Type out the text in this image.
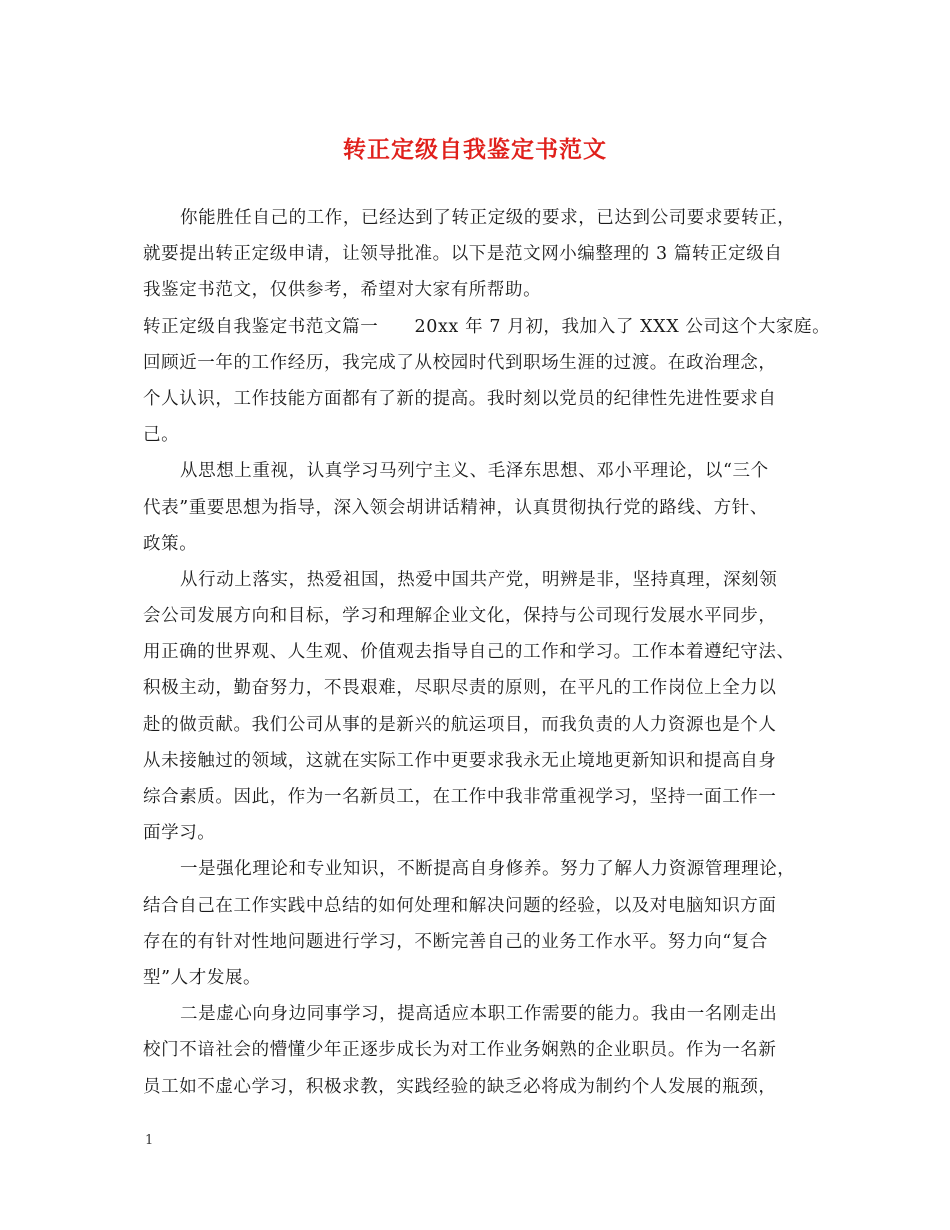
转正定级自我鉴定书范文
你能胜任自己的工作，已经达到了转正定级的要求，已达到公司要求要转正，
就要提出转正定级申请，让领导批准。以下是范文网小编整理的 3 篇转正定级自
我鉴定书范文，仅供参考，希望对大家有所帮助。
转正定级自我鉴定书范文篇一　　20xx 年 7 月初，我加入了 XXX 公司这个大家庭。
回顾近一年的工作经历，我完成了从校园时代到职场生涯的过渡。在政治理念，
个人认识，工作技能方面都有了新的提高。我时刻以党员的纪律性先进性要求自
己。
从思想上重视，认真学习马列宁主义、毛泽东思想、邓小平理论，以“三个
代表”重要思想为指导，深入领会胡讲话精神，认真贯彻执行党的路线、方针、
政策。
从行动上落实，热爱祖国，热爱中国共产党，明辨是非，坚持真理，深刻领
会公司发展方向和目标，学习和理解企业文化，保持与公司现行发展水平同步，
用正确的世界观、人生观、价值观去指导自己的工作和学习。工作本着遵纪守法、
积极主动，勤奋努力，不畏艰难，尽职尽责的原则，在平凡的工作岗位上全力以
赴的做贡献。我们公司从事的是新兴的航运项目，而我负责的人力资源也是个人
从未接触过的领域，这就在实际工作中更要求我永无止境地更新知识和提高自身
综合素质。因此，作为一名新员工，在工作中我非常重视学习，坚持一面工作一
面学习。
一是强化理论和专业知识，不断提高自身修养。努力了解人力资源管理理论，
结合自己在工作实践中总结的如何处理和解决问题的经验，以及对电脑知识方面
存在的有针对性地问题进行学习，不断完善自己的业务工作水平。努力向“复合
型”人才发展。
二是虚心向身边同事学习，提高适应本职工作需要的能力。我由一名刚走出
校门不谙社会的懵懂少年正逐步成长为对工作业务娴熟的企业职员。作为一名新
员工如不虚心学习，积极求教，实践经验的缺乏必将成为制约个人发展的瓶颈，
1
